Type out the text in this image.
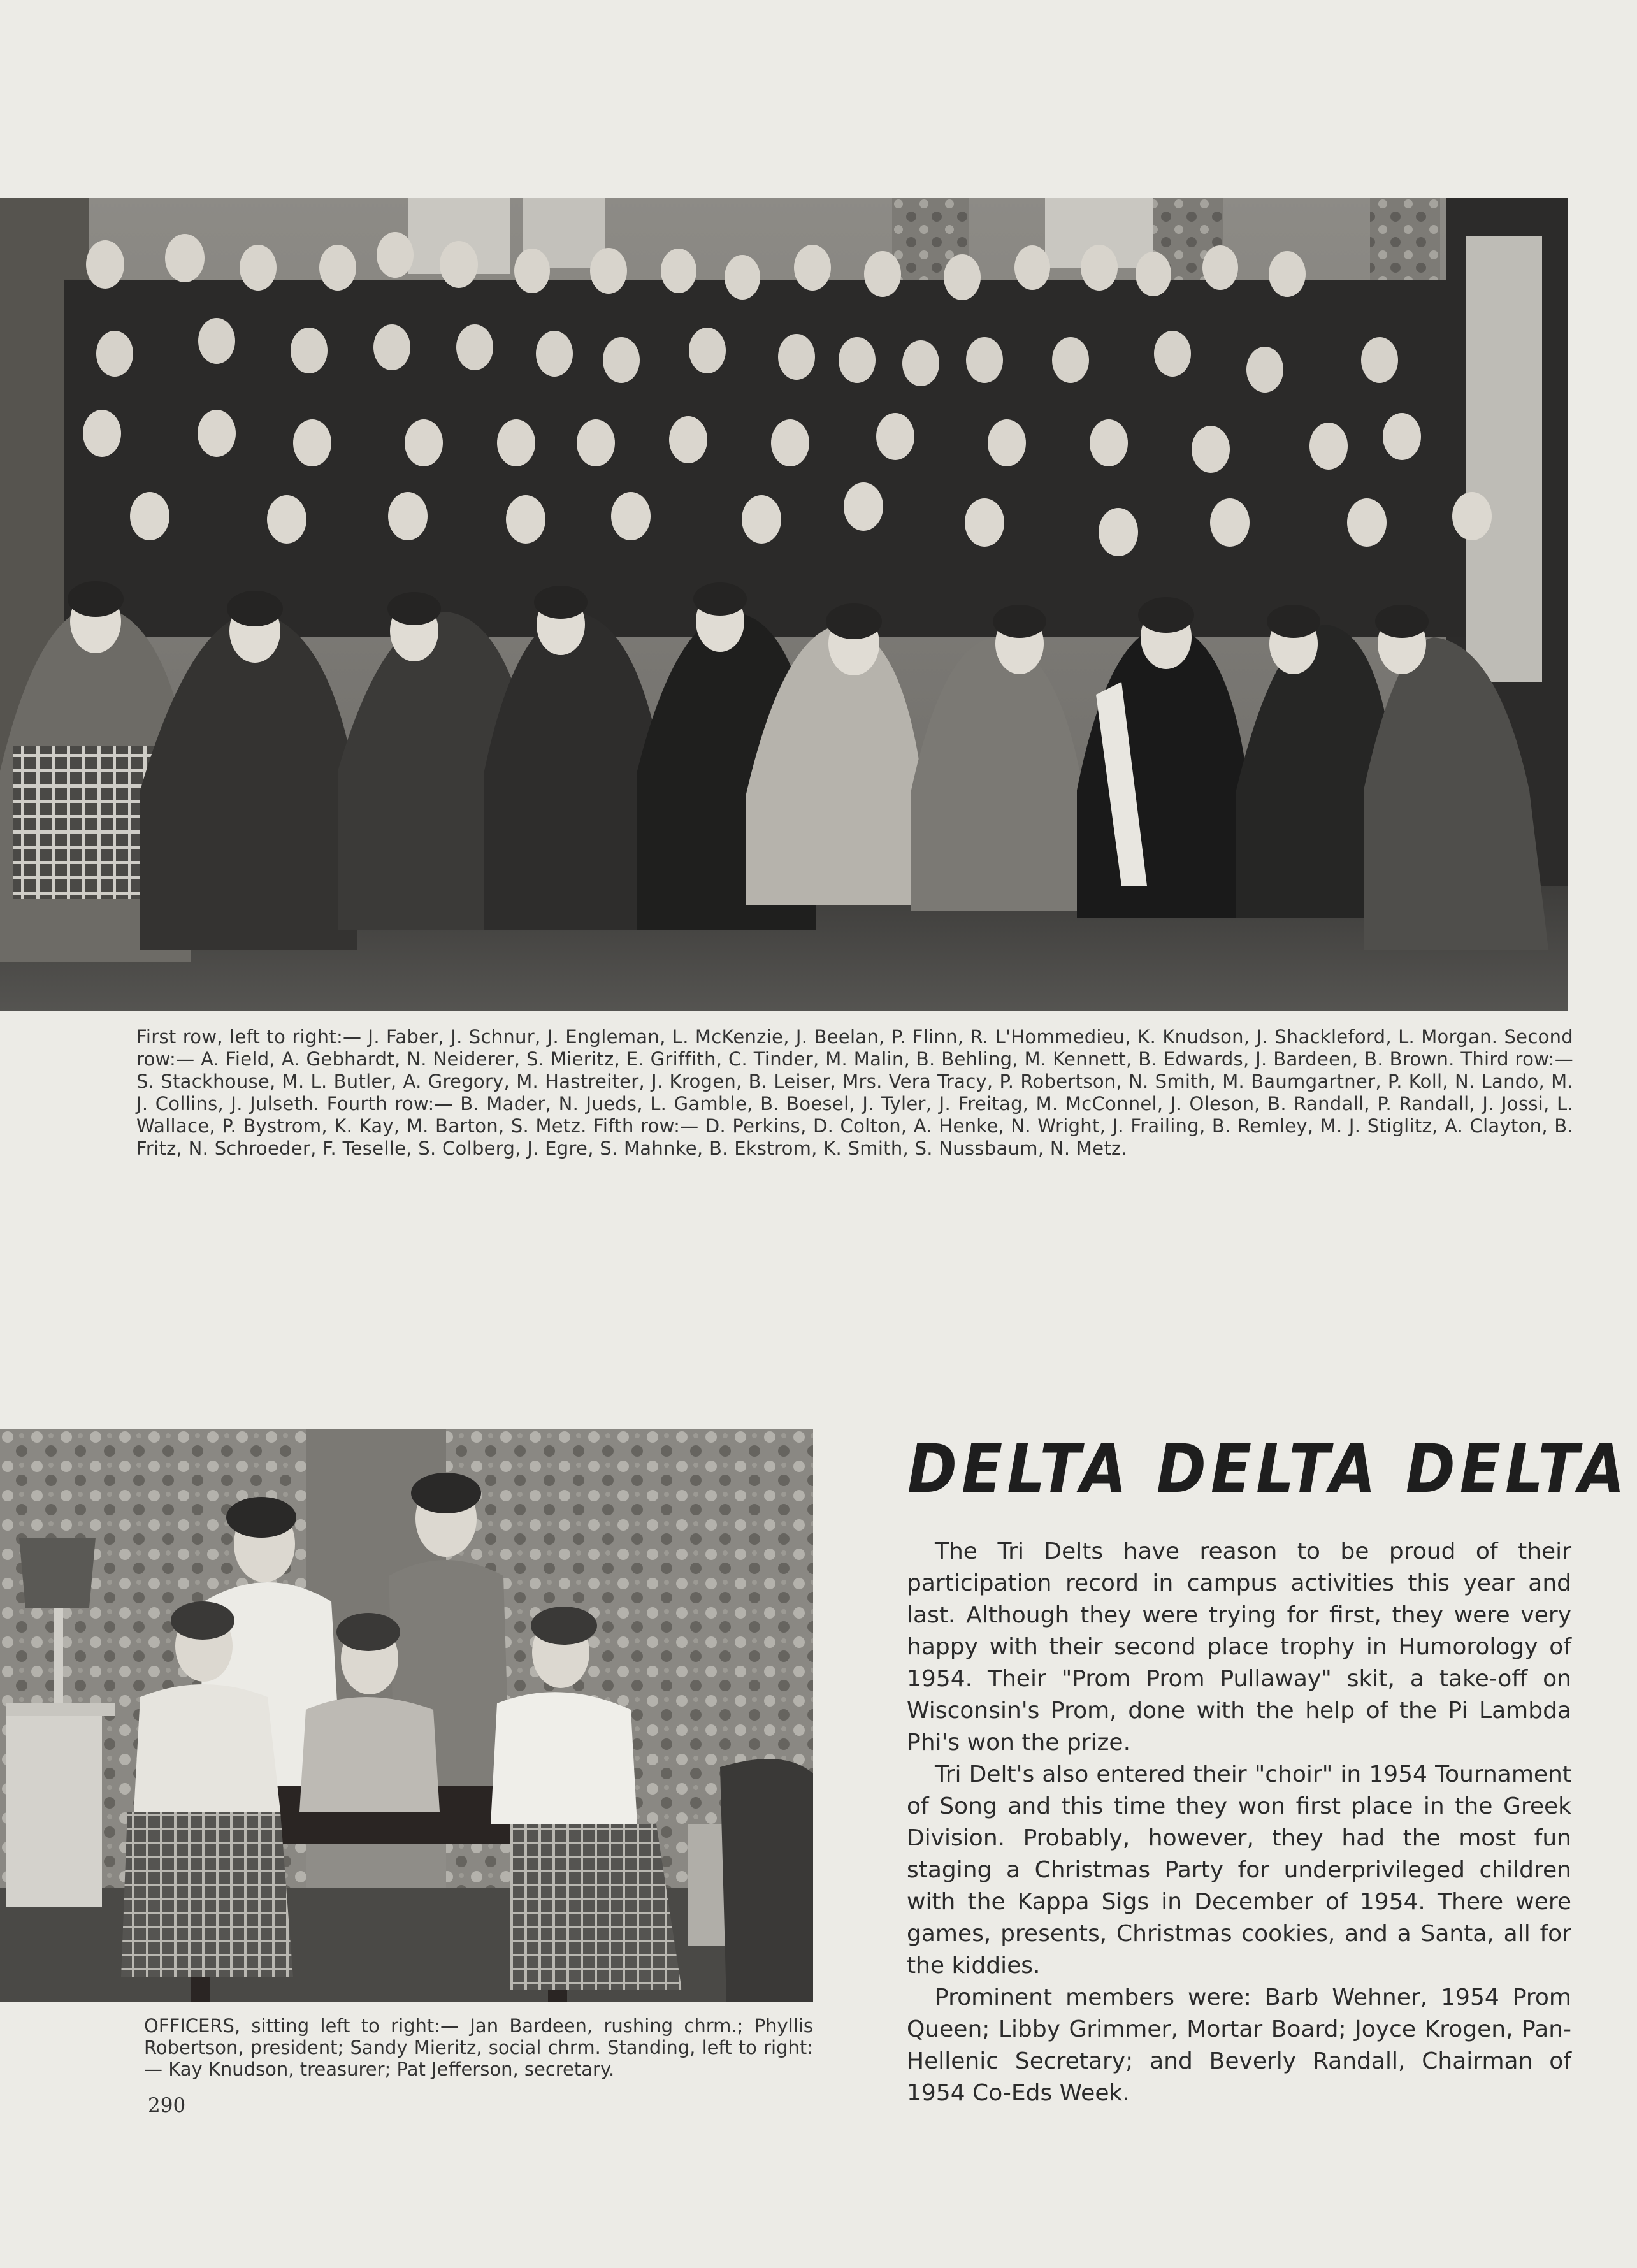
First row, left to right:— J. Faber, J. Schnur, J. Engleman, L. McKenzie, J. Beelan, P. Flinn, R. L'Hommedieu, K. Knudson, J. Shackleford, L. Morgan. Second row:— A. Field, A. Gebhardt, N. Neiderer, S. Mieritz, E. Griffith, C. Tinder, M. Malin, B. Behling, M. Kennett, B. Edwards, J. Bardeen, B. Brown. Third row:— S. Stackhouse, M. L. Butler, A. Gregory, M. Hastreiter, J. Krogen, B. Leiser, Mrs. Vera Tracy, P. Robertson, N. Smith, M. Baumgartner, P. Koll, N. Lando, M. J. Collins, J. Julseth. Fourth row:— B. Mader, N. Jueds, L. Gamble, B. Boesel, J. Tyler, J. Freitag, M. McConnel, J. Oleson, B. Randall, P. Randall, J. Jossi, L. Wallace, P. Bystrom, K. Kay, M. Barton, S. Metz. Fifth row:— D. Perkins, D. Colton, A. Henke, N. Wright, J. Frailing, B. Remley, M. J. Stiglitz, A. Clayton, B. Fritz, N. Schroeder, F. Teselle, S. Colberg, J. Egre, S. Mahnke, B. Ekstrom, K. Smith, S. Nussbaum, N. Metz.

OFFICERS, sitting left to right:— Jan Bardeen, rushing chrm.; Phyllis Robertson, president; Sandy Mieritz, social chrm. Standing, left to right:— Kay Knudson, treasurer; Pat Jefferson, secretary.

290
DELTA DELTA DELTA

The Tri Delts have reason to be proud of their participation record in campus activities this year and last. Although they were trying for first, they were very happy with their second place trophy in Humorology of 1954. Their "Prom Prom Pullaway" skit, a take-off on Wisconsin's Prom, done with the help of the Pi Lambda Phi's won the prize.

Tri Delt's also entered their "choir" in 1954 Tournament of Song and this time they won first place in the Greek Division. Probably, however, they had the most fun staging a Christmas Party for underprivileged children with the Kappa Sigs in December of 1954. There were games, presents, Christmas cookies, and a Santa, all for the kiddies.

Prominent members were: Barb Wehner, 1954 Prom Queen; Libby Grimmer, Mortar Board; Joyce Krogen, Pan-Hellenic Secretary; and Beverly Randall, Chairman of 1954 Co-Eds Week.
